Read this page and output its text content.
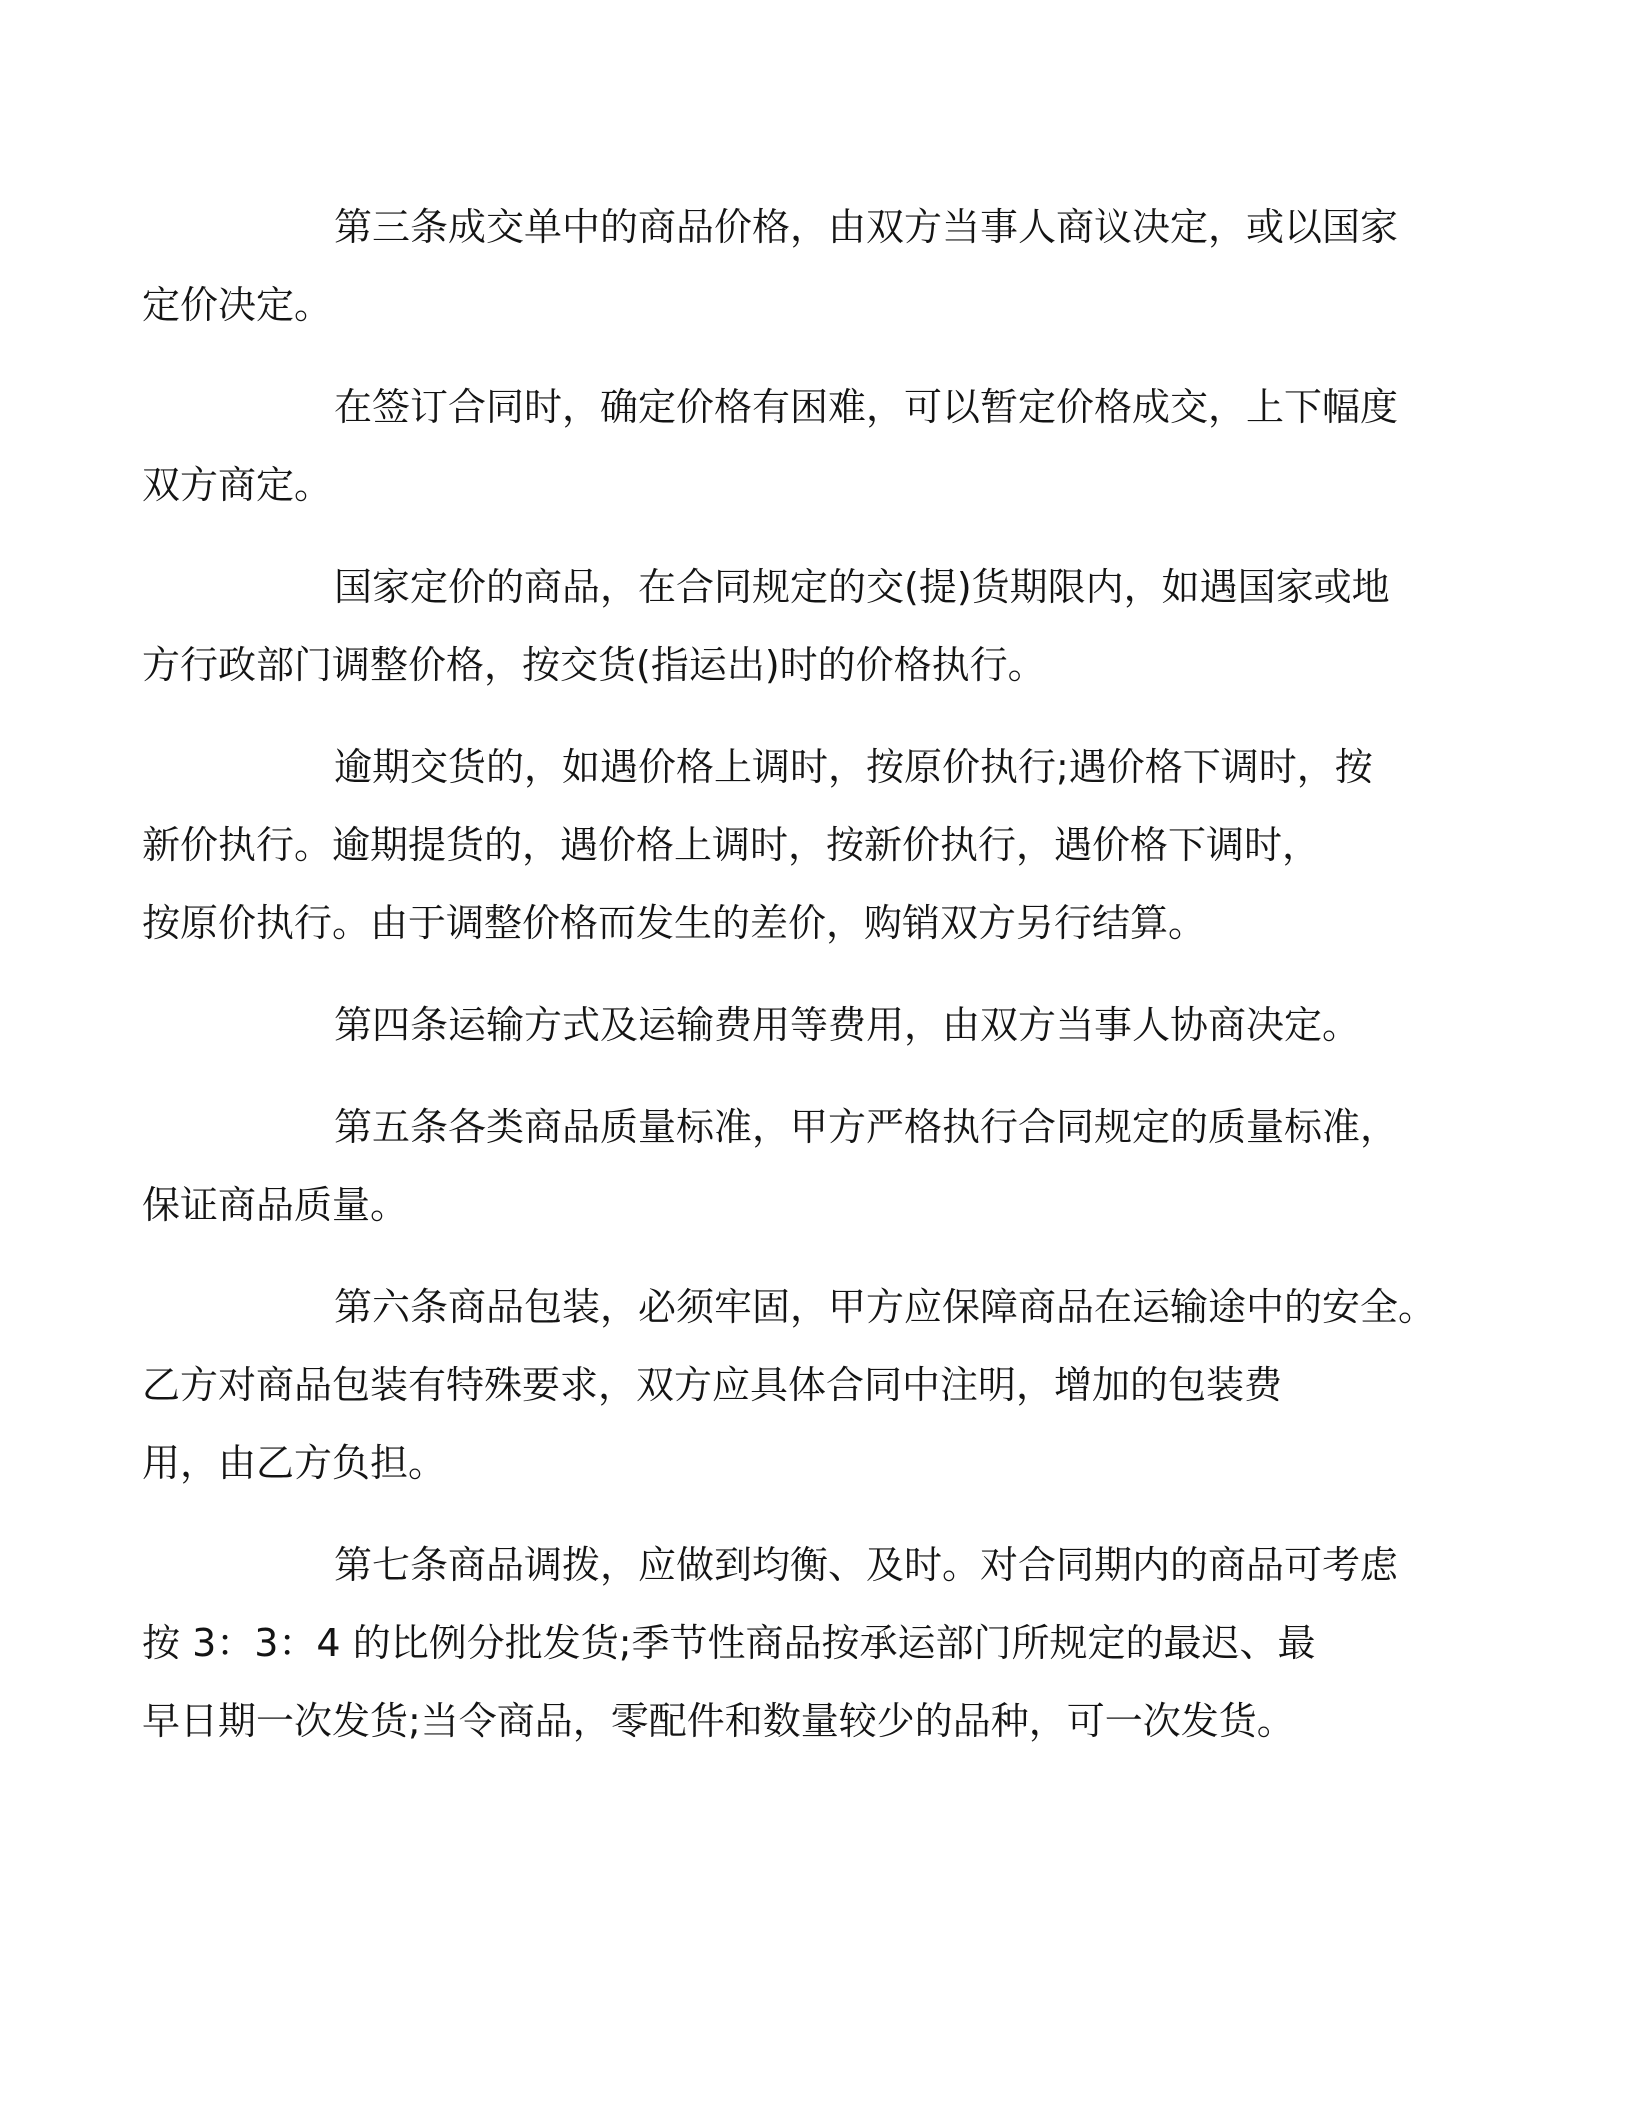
第三条成交单中的商品价格，由双方当事人商议决定，或以国家
定价决定。

在签订合同时，确定价格有困难，可以暂定价格成交，上下幅度
双方商定。

国家定价的商品，在合同规定的交(提)货期限内，如遇国家或地
方行政部门调整价格，按交货(指运出)时的价格执行。

逾期交货的，如遇价格上调时，按原价执行;遇价格下调时，按
新价执行。逾期提货的，遇价格上调时，按新价执行，遇价格下调时，
按原价执行。由于调整价格而发生的差价，购销双方另行结算。

第四条运输方式及运输费用等费用，由双方当事人协商决定。

第五条各类商品质量标准，甲方严格执行合同规定的质量标准，
保证商品质量。

第六条商品包装，必须牢固，甲方应保障商品在运输途中的安全。
乙方对商品包装有特殊要求，双方应具体合同中注明，增加的包装费
用，由乙方负担。

第七条商品调拨，应做到均衡、及时。对合同期内的商品可考虑
按 3：3：4 的比例分批发货;季节性商品按承运部门所规定的最迟、最
早日期一次发货;当令商品，零配件和数量较少的品种，可一次发货。
